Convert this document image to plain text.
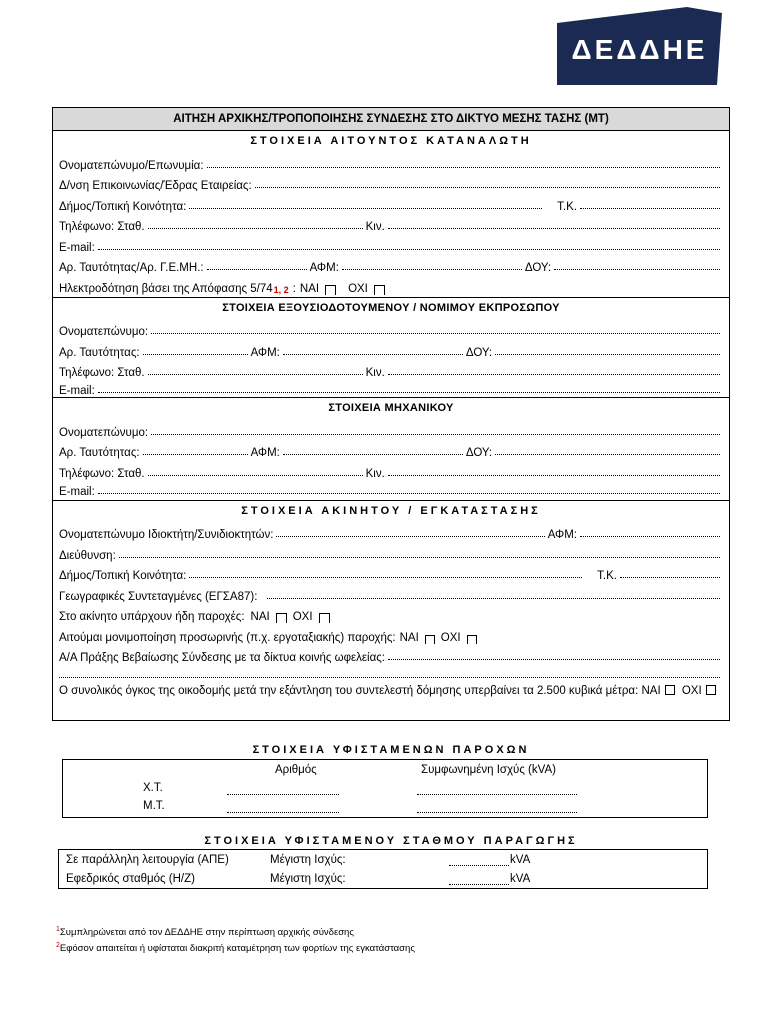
ΔΕΔΔΗΕ
ΑΙΤΗΣΗ ΑΡΧΙΚΗΣ/ΤΡΟΠΟΠΟΙΗΣΗΣ ΣΥΝΔΕΣΗΣ ΣΤΟ ΔΙΚΤΥΟ ΜΕΣΗΣ ΤΑΣΗΣ (ΜΤ)
ΣΤΟΙΧΕΙΑ ΑΙΤΟΥΝΤΟΣ ΚΑΤΑΝΑΛΩΤΗ
Ονοματεπώνυμο/Επωνυμία:
Δ/νση Επικοινωνίας/Έδρας Εταιρείας:
Δήμος/Τοπική Κοινότητα:	Τ.Κ.
Τηλέφωνο: Σταθ.	Κιν.
E-mail:
Αρ. Ταυτότητας/Αρ. Γ.Ε.ΜΗ.:	ΑΦΜ:	ΔΟΥ:
Ηλεκτροδότηση βάσει της Απόφασης 5/74 1, 2 : ΝΑΙ	ΟΧΙ
ΣΤΟΙΧΕΙΑ ΕΞΟΥΣΙΟΔΟΤΟΥΜΕΝΟΥ / ΝΟΜΙΜΟΥ ΕΚΠΡΟΣΩΠΟΥ
Ονοματεπώνυμο:
Αρ. Ταυτότητας:	ΑΦΜ:	ΔΟΥ:
Τηλέφωνο: Σταθ.	Κιν.
E-mail:
ΣΤΟΙΧΕΙΑ ΜΗΧΑΝΙΚΟΥ
Ονοματεπώνυμο:
Αρ. Ταυτότητας:	ΑΦΜ:	ΔΟΥ:
Τηλέφωνο: Σταθ.	Κιν.
E-mail:
ΣΤΟΙΧΕΙΑ ΑΚΙΝΗΤΟΥ / ΕΓΚΑΤΑΣΤΑΣΗΣ
Ονοματεπώνυμο Ιδιοκτήτη/Συνιδιοκτητών:	ΑΦΜ:
Διεύθυνση:
Δήμος/Τοπική Κοινότητα:	Τ.Κ.
Γεωγραφικές Συντεταγμένες (ΕΓΣΑ87):
Στο ακίνητο υπάρχουν ήδη παροχές: ΝΑΙ ΟΧΙ
Αιτούμαι μονιμοποίηση προσωρινής (π.χ. εργοταξιακής) παροχής: ΝΑΙ ΟΧΙ
Α/Α Πράξης Βεβαίωσης Σύνδεσης με τα δίκτυα κοινής ωφελείας:
Ο συνολικός όγκος της οικοδομής μετά την εξάντληση του συντελεστή δόμησης υπερβαίνει τα 2.500 κυβικά μέτρα: ΝΑΙ ΟΧΙ
ΣΤΟΙΧΕΙΑ ΥΦΙΣΤΑΜΕΝΩΝ ΠΑΡΟΧΩΝ
Αριθμός	Συμφωνημένη Ισχύς (kVA)
Χ.Τ.
Μ.Τ.
ΣΤΟΙΧΕΙΑ ΥΦΙΣΤΑΜΕΝΟΥ ΣΤΑΘΜΟΥ ΠΑΡΑΓΩΓΗΣ
Σε παράλληλη λειτουργία (ΑΠΕ)	Μέγιστη Ισχύς:	kVA
Εφεδρικός σταθμός (Η/Ζ)	Μέγιστη Ισχύς:	kVA
$^1$Συμπληρώνεται από τον ΔΕΔΔΗΕ στην περίπτωση αρχικής σύνδεσης
$^2$Εφόσον απαιτείται ή υφίσταται διακριτή καταμέτρηση των φορτίων της εγκατάστασης
